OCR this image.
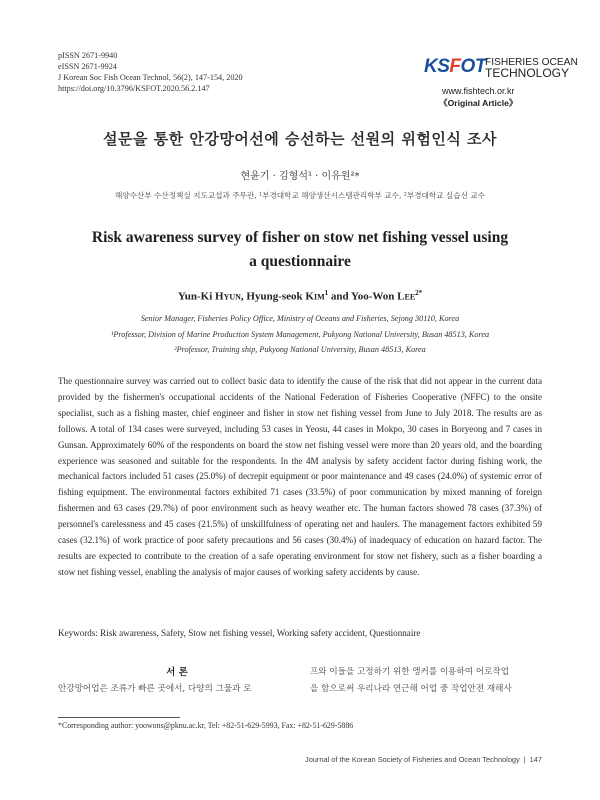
pISSN 2671-9940
eISSN 2671-9924
J Korean Soc Fish Ocean Technol, 56(2), 147-154, 2020
https://doi.org/10.3796/KSFOT.2020.56.2.147
KSFOT FISHERIES OCEAN
TECHNOLOGY
www.fishtech.or.kr
《Original Article》
설문을 통한 안강망어선에 승선하는 선원의 위험인식 조사
현윤기 · 김형석¹ · 이유원²*
해양수산부 수산정책실 지도교섭과 주무관, ¹부경대학교 해양생산시스템관리학부 교수, ²부경대학교 실습선 교수
Risk awareness survey of fisher on stow net fishing vessel using
a questionnaire
Yun-Ki Hyun, Hyung-seok Kim$^1$ and Yoo-Won Lee$^{2*}$
Senior Manager, Fisheries Policy Office, Ministry of Oceans and Fisheries, Sejong 30110, Korea
¹Professor, Division of Marine Production System Management, Pukyong National University, Busan 48513, Korea
²Professor, Training ship, Pukyong National University, Busan 48513, Korea
The questionnaire survey was carried out to collect basic data to identify the cause of the risk that did not appear in the current data provided by the fishermen's occupational accidents of the National Federation of Fisheries Cooperative (NFFC) to the onsite specialist, such as a fishing master, chief engineer and fisher in stow net fishing vessel from June to July 2018. The results are as follows. A total of 134 cases were surveyed, including 53 cases in Yeosu, 44 cases in Mokpo, 30 cases in Boryeong and 7 cases in Gunsan. Approximately 60% of the respondents on board the stow net fishing vessel were more than 20 years old, and the boarding experience was seasoned and suitable for the respondents. In the 4M analysis by safety accident factor during fishing work, the mechanical factors included 51 cases (25.0%) of decrepit equipment or poor maintenance and 49 cases (24.0%) of systemic error of fishing equipment. The environmental factors exhibited 71 cases (33.5%) of poor communication by mixed manning of foreign fishermen and 63 cases (29.7%) of poor environment such as heavy weather etc. The human factors showed 78 cases (37.3%) of personnel's carelessness and 45 cases (21.5%) of unskillfulness of operating net and haulers. The management factors exhibited 59 cases (32.1%) of work practice of poor safety precautions and 56 cases (30.4%) of inadequacy of education on hazard factor. The results are expected to contribute to the creation of a safe operating environment for stow net fishery, such as a fisher boarding a stow net fishing vessel, enabling the analysis of major causes of working safety accidents by cause.
Keywords: Risk awareness, Safety, Stow net fishing vessel, Working safety accident, Questionnaire
서 론
안강망어업은 조류가 빠른 곳에서, 다양의 그물과 로
프와 이들을 고정하기 위한 앵커를 이용하여 어로작업
을 함으로써 우리나라 연근해 어업 중 작업안전 재해사
*Corresponding author: yoowons@pknu.ac.kr, Tel: +82-51-629-5993, Fax: +82-51-629-5886
Journal of the Korean Society of Fisheries and Ocean Technology | 147
